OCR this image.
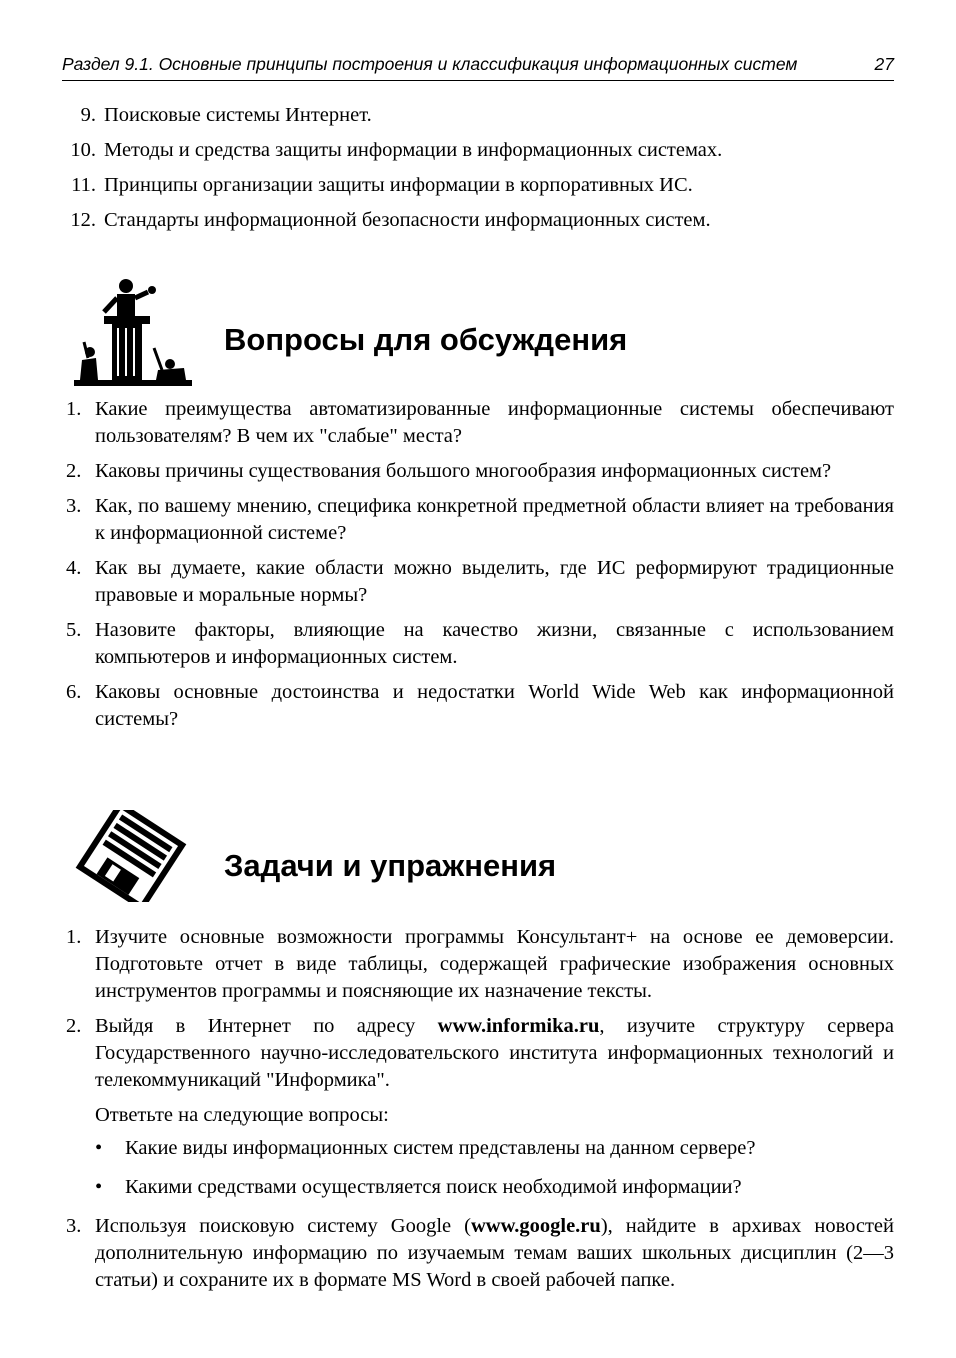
Раздел 9.1. Основные принципы построения и классификация информационных систем	27
9. Поисковые системы Интернет.
10. Методы и средства защиты информации в информационных системах.
11. Принципы организации защиты информации в корпоративных ИС.
12. Стандарты информационной безопасности информационных систем.
Вопросы для обсуждения
1. Какие преимущества автоматизированные информационные системы обеспечивают пользователям? В чем их "слабые" места?
2. Каковы причины существования большого многообразия информационных систем?
3. Как, по вашему мнению, специфика конкретной предметной области влияет на требования к информационной системе?
4. Как вы думаете, какие области можно выделить, где ИС реформируют традиционные правовые и моральные нормы?
5. Назовите факторы, влияющие на качество жизни, связанные с использованием компьютеров и информационных систем.
6. Каковы основные достоинства и недостатки World Wide Web как информационной системы?
Задачи и упражнения
1. Изучите основные возможности программы Консультант+ на основе ее демоверсии. Подготовьте отчет в виде таблицы, содержащей графические изображения основных инструментов программы и поясняющие их назначение тексты.
2. Выйдя в Интернет по адресу www.informika.ru, изучите структуру сервера Государственного научно-исследовательского института информационных технологий и телекоммуникаций "Информика".
Ответьте на следующие вопросы:
• Какие виды информационных систем представлены на данном сервере?
• Какими средствами осуществляется поиск необходимой информации?
3. Используя поисковую систему Google (www.google.ru), найдите в архивах новостей дополнительную информацию по изучаемым темам ваших школьных дисциплин (2—3 статьи) и сохраните их в формате MS Word в своей рабочей папке.
